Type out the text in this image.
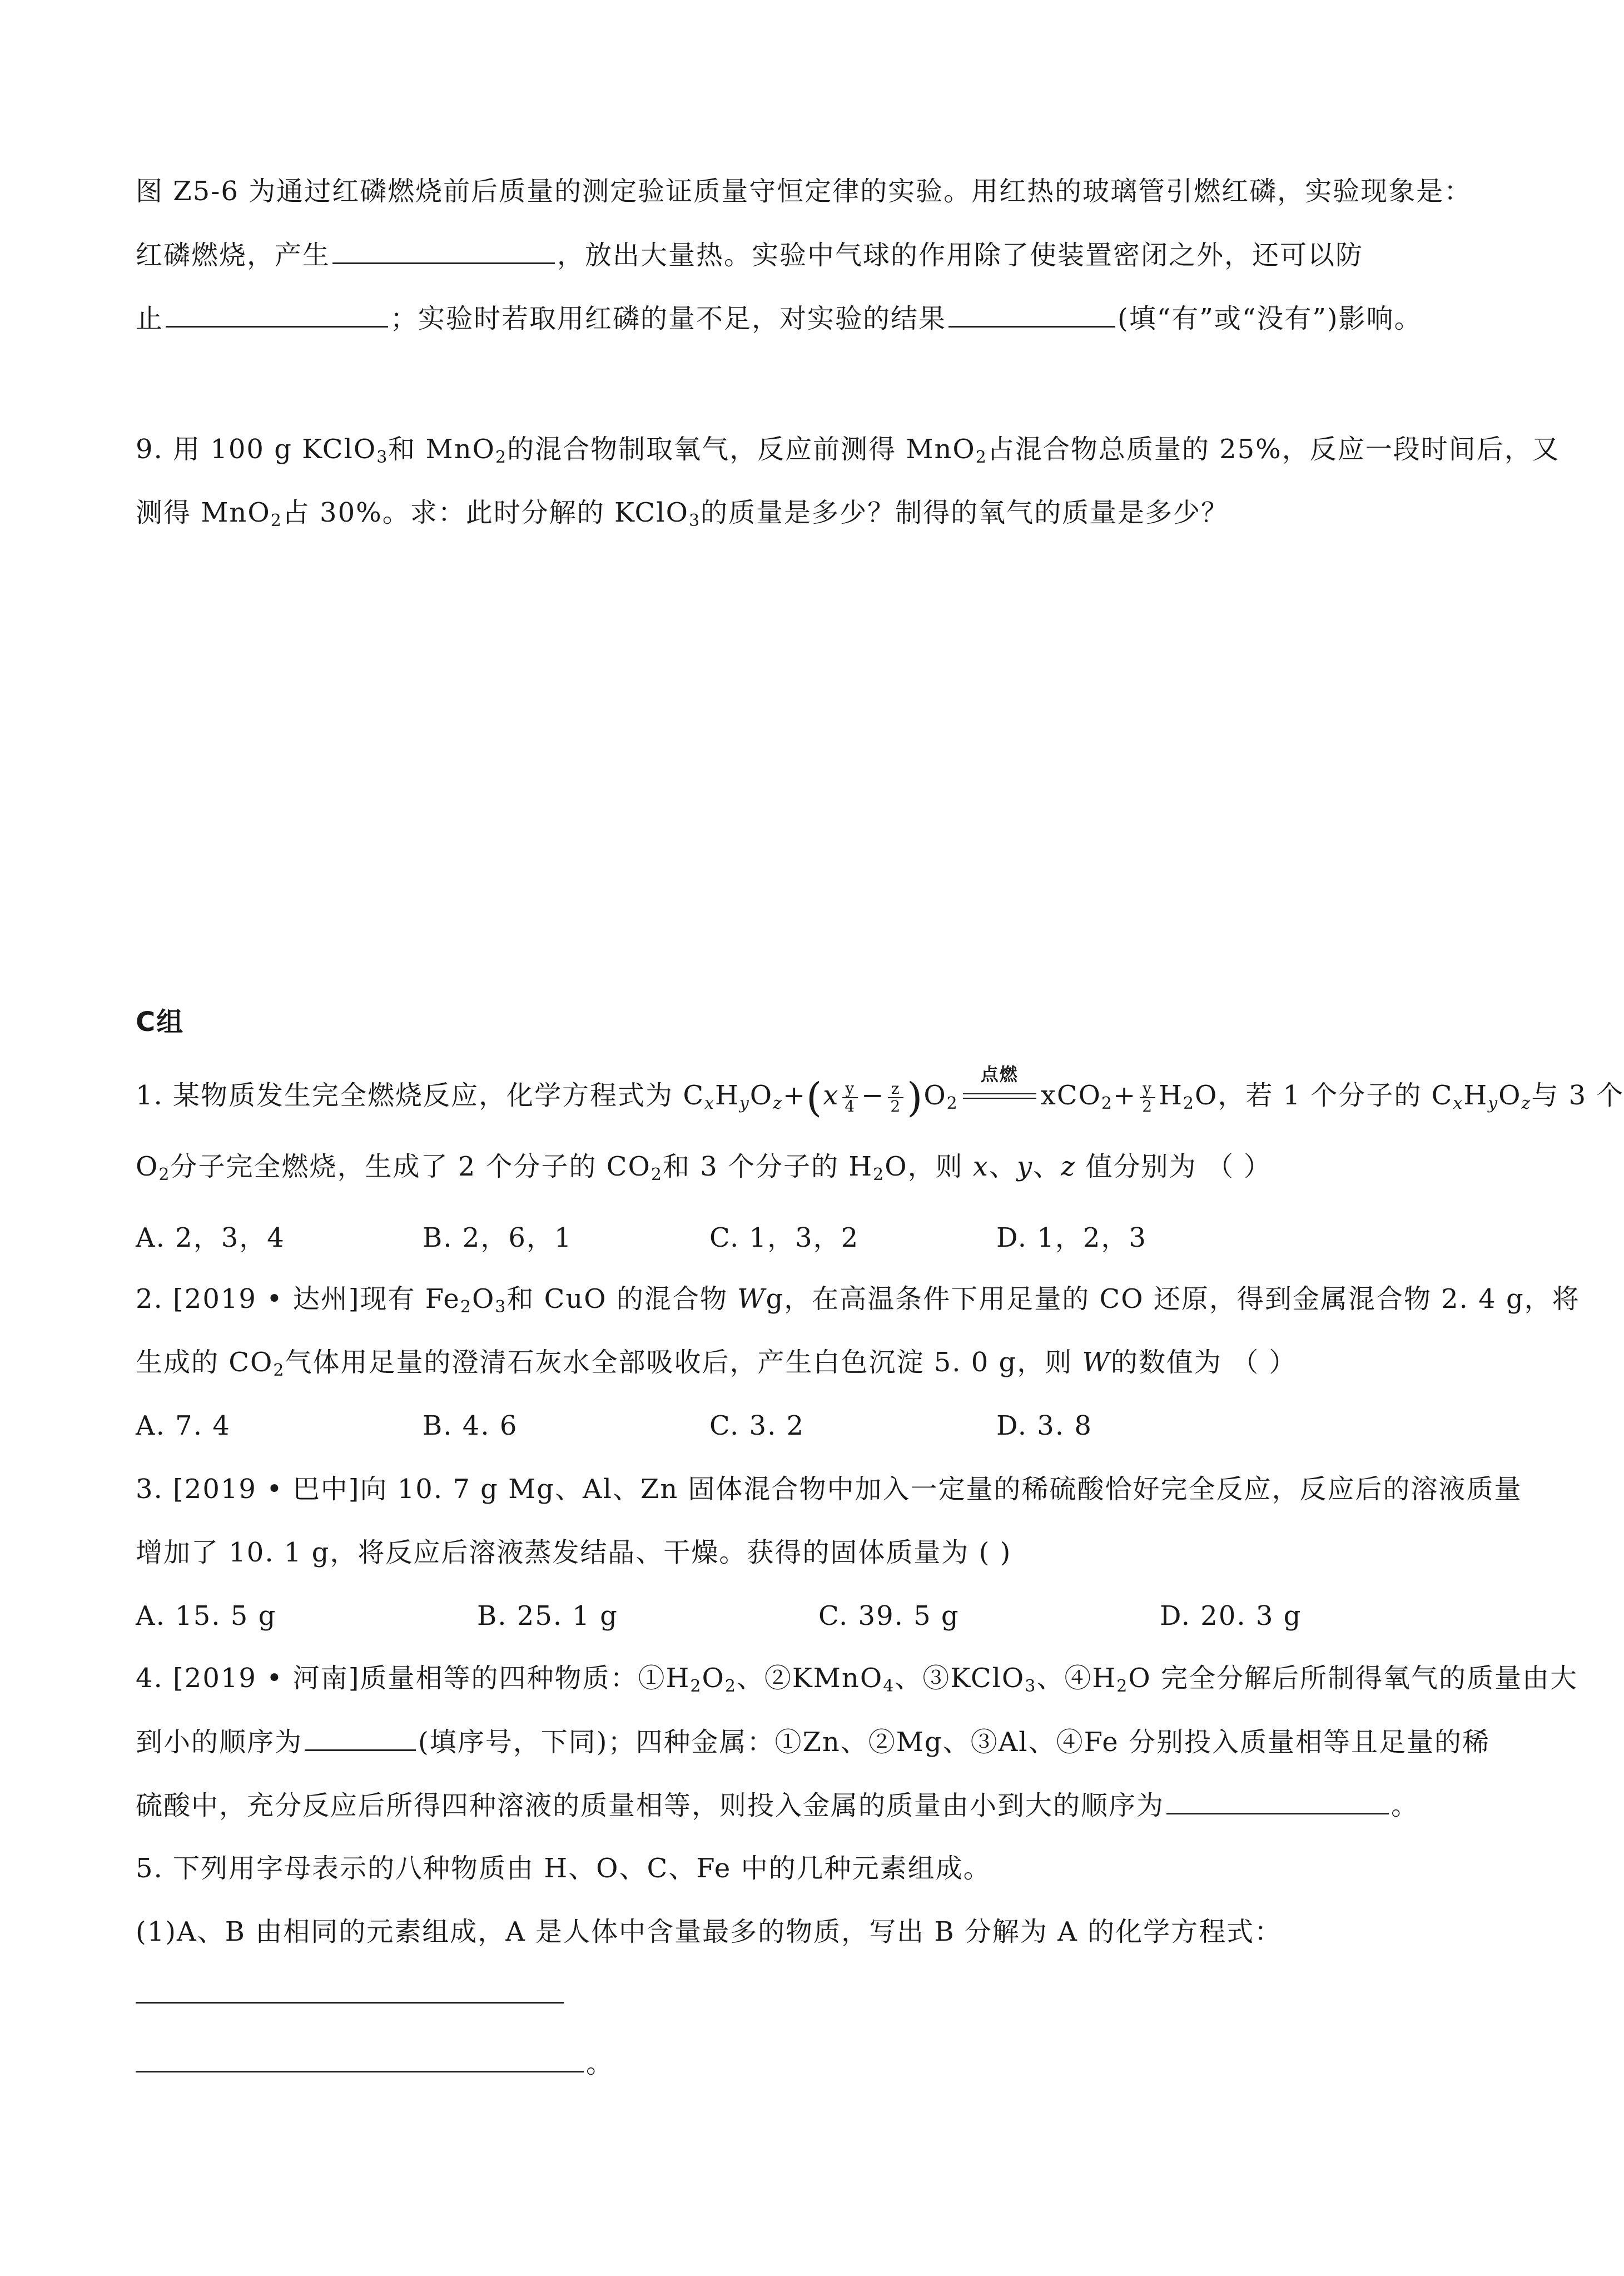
图 Z5-6 为通过红磷燃烧前后质量的测定验证质量守恒定律的实验。用红热的玻璃管引燃红磷，实验现象是：
红磷燃烧，产生	，放出大量热。实验中气球的作用除了使装置密闭之外，还可以防
止	；实验时若取用红磷的量不足，对实验的结果	(填“有”或“没有”)影响。
9. 用 100 g KClO$_3$和 MnO$_2$的混合物制取氧气，反应前测得 MnO$_2$占混合物总质量的 25%，反应一段时间后，又
测得 MnO$_2$占 30%。求：此时分解的 KClO$_3$的质量是多少？制得的氧气的质量是多少？
C组
1. 某物质发生完全燃烧反应，化学方程式为 $C_xH_yO_z+(x \frac{y}{4} - \frac{z}{2} )O_2$
点燃
$xCO_2+ \frac{y}{2} H_2O$，若 1 个分子的 $C_xH_yO_z$与 3 个
$O_2$分子完全燃烧，生成了 2 个分子的 $CO_2$和 3 个分子的 $H_2O$，则 x、y、z 值分别为 （ ）
A. 2，3，4	B. 2，6，1	C. 1，3，2	D. 1，2，3
2. [2019 • 达州]现有 $Fe_2O_3$和 CuO 的混合物 Wg，在高温条件下用足量的 CO 还原，得到金属混合物 2. 4 g，将
生成的 $CO_2$气体用足量的澄清石灰水全部吸收后，产生白色沉淀 5. 0 g，则 W的数值为 （ ）
A. 7. 4	B. 4. 6	C. 3. 2	D. 3. 8
3. [2019 • 巴中]向 10. 7 g Mg、Al、Zn 固体混合物中加入一定量的稀硫酸恰好完全反应，反应后的溶液质量
增加了 10. 1 g，将反应后溶液蒸发结晶、干燥。获得的固体质量为 ( )
A. 15. 5 g	B. 25. 1 g	C. 39. 5 g	D. 20. 3 g
4. [2019 • 河南]质量相等的四种物质：$①H_2O_2$、②KMnO$_4$、③KClO$_3$、$④H_2O$ 完全分解后所制得氧气的质量由大
到小的顺序为	(填序号，下同)；四种金属：①Zn、②Mg、③Al、④Fe 分别投入质量相等且足量的稀
硫酸中，充分反应后所得四种溶液的质量相等，则投入金属的质量由小到大的顺序为	。
5. 下列用字母表示的八种物质由 H、O、C、Fe 中的几种元素组成。
(1)A、B 由相同的元素组成，A 是人体中含量最多的物质，写出 B 分解为 A 的化学方程式：
。
